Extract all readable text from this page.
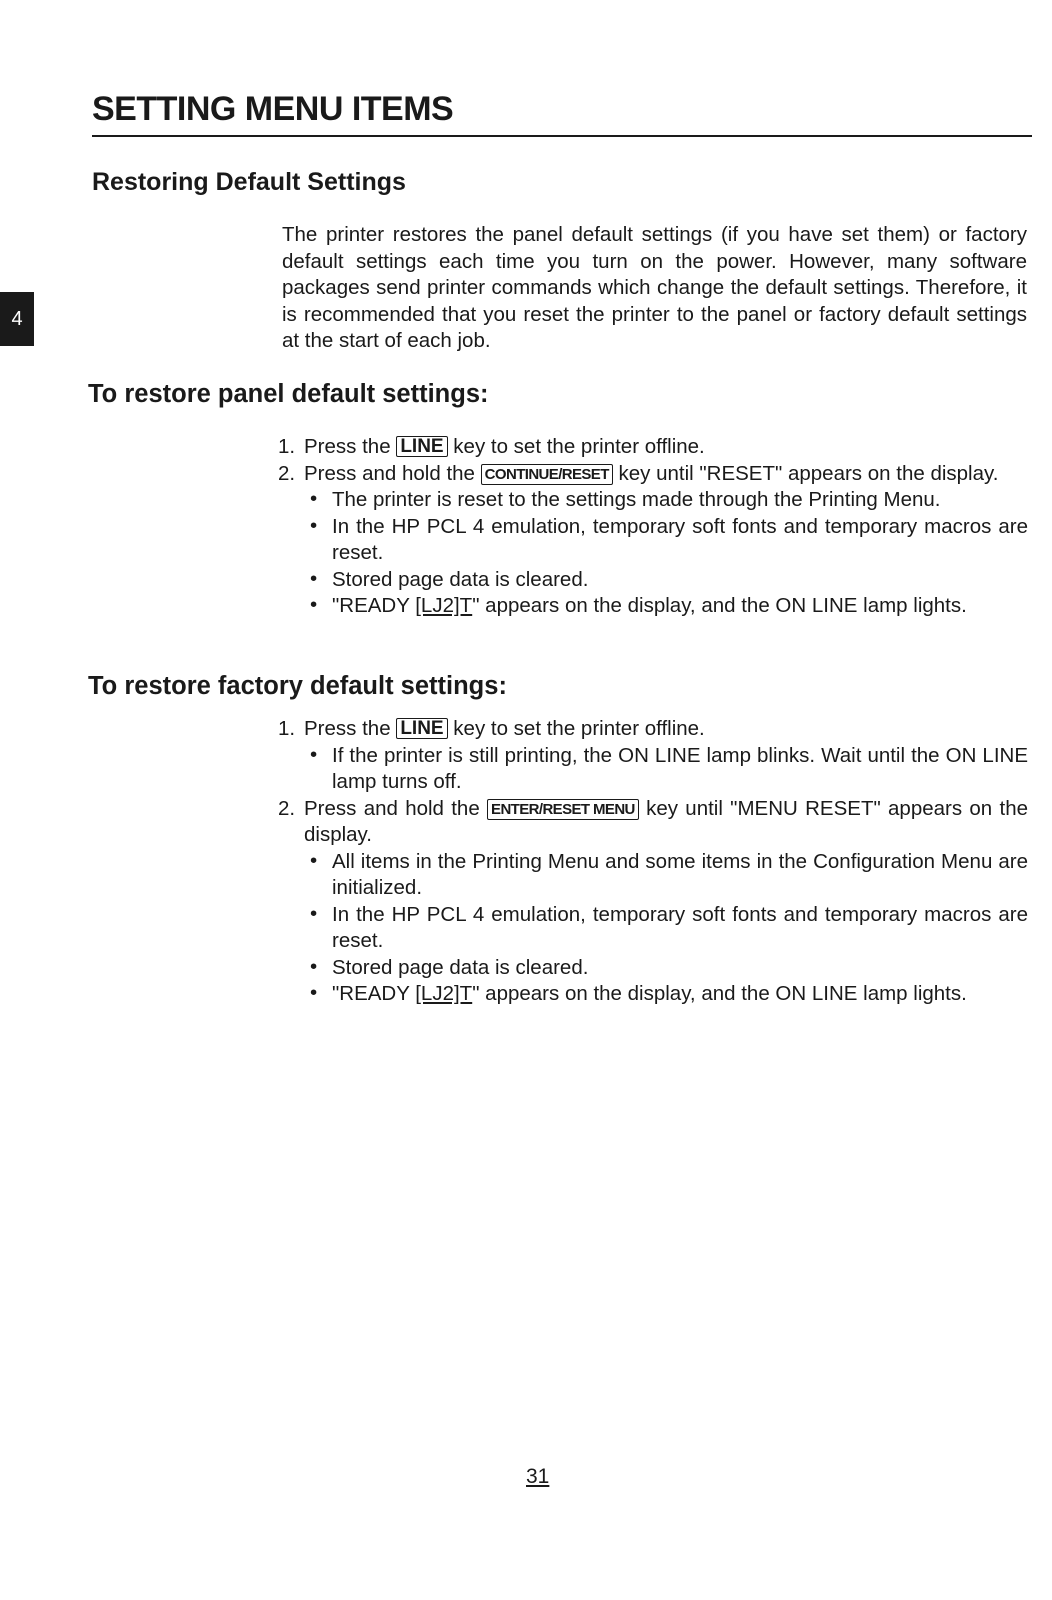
SETTING MENU ITEMS
4
Restoring Default Settings

The printer restores the panel default settings (if you have set them) or factory default settings each time you turn on the power. However, many software packages send printer commands which change the default settings. Therefore, it is recommended that you reset the printer to the panel or factory default settings at the start of each job.

To restore panel default settings:
1. Press the LINE key to set the printer offline.
2. Press and hold the CONTINUE/RESET key until "RESET" appears on the display.
• The printer is reset to the settings made through the Printing Menu.
• In the HP PCL 4 emulation, temporary soft fonts and temporary macros are reset.
• Stored page data is cleared.
• "READY [LJ2]T" appears on the display, and the ON LINE lamp lights.
To restore factory default settings:
1. Press the LINE key to set the printer offline.
• If the printer is still printing, the ON LINE lamp blinks. Wait until the ON LINE lamp turns off.
2. Press and hold the ENTER/RESET MENU key until "MENU RESET" appears on the display.
• All items in the Printing Menu and some items in the Configuration Menu are initialized.
• In the HP PCL 4 emulation, temporary soft fonts and temporary macros are reset.
• Stored page data is cleared.
• "READY [LJ2]T" appears on the display, and the ON LINE lamp lights.
31
